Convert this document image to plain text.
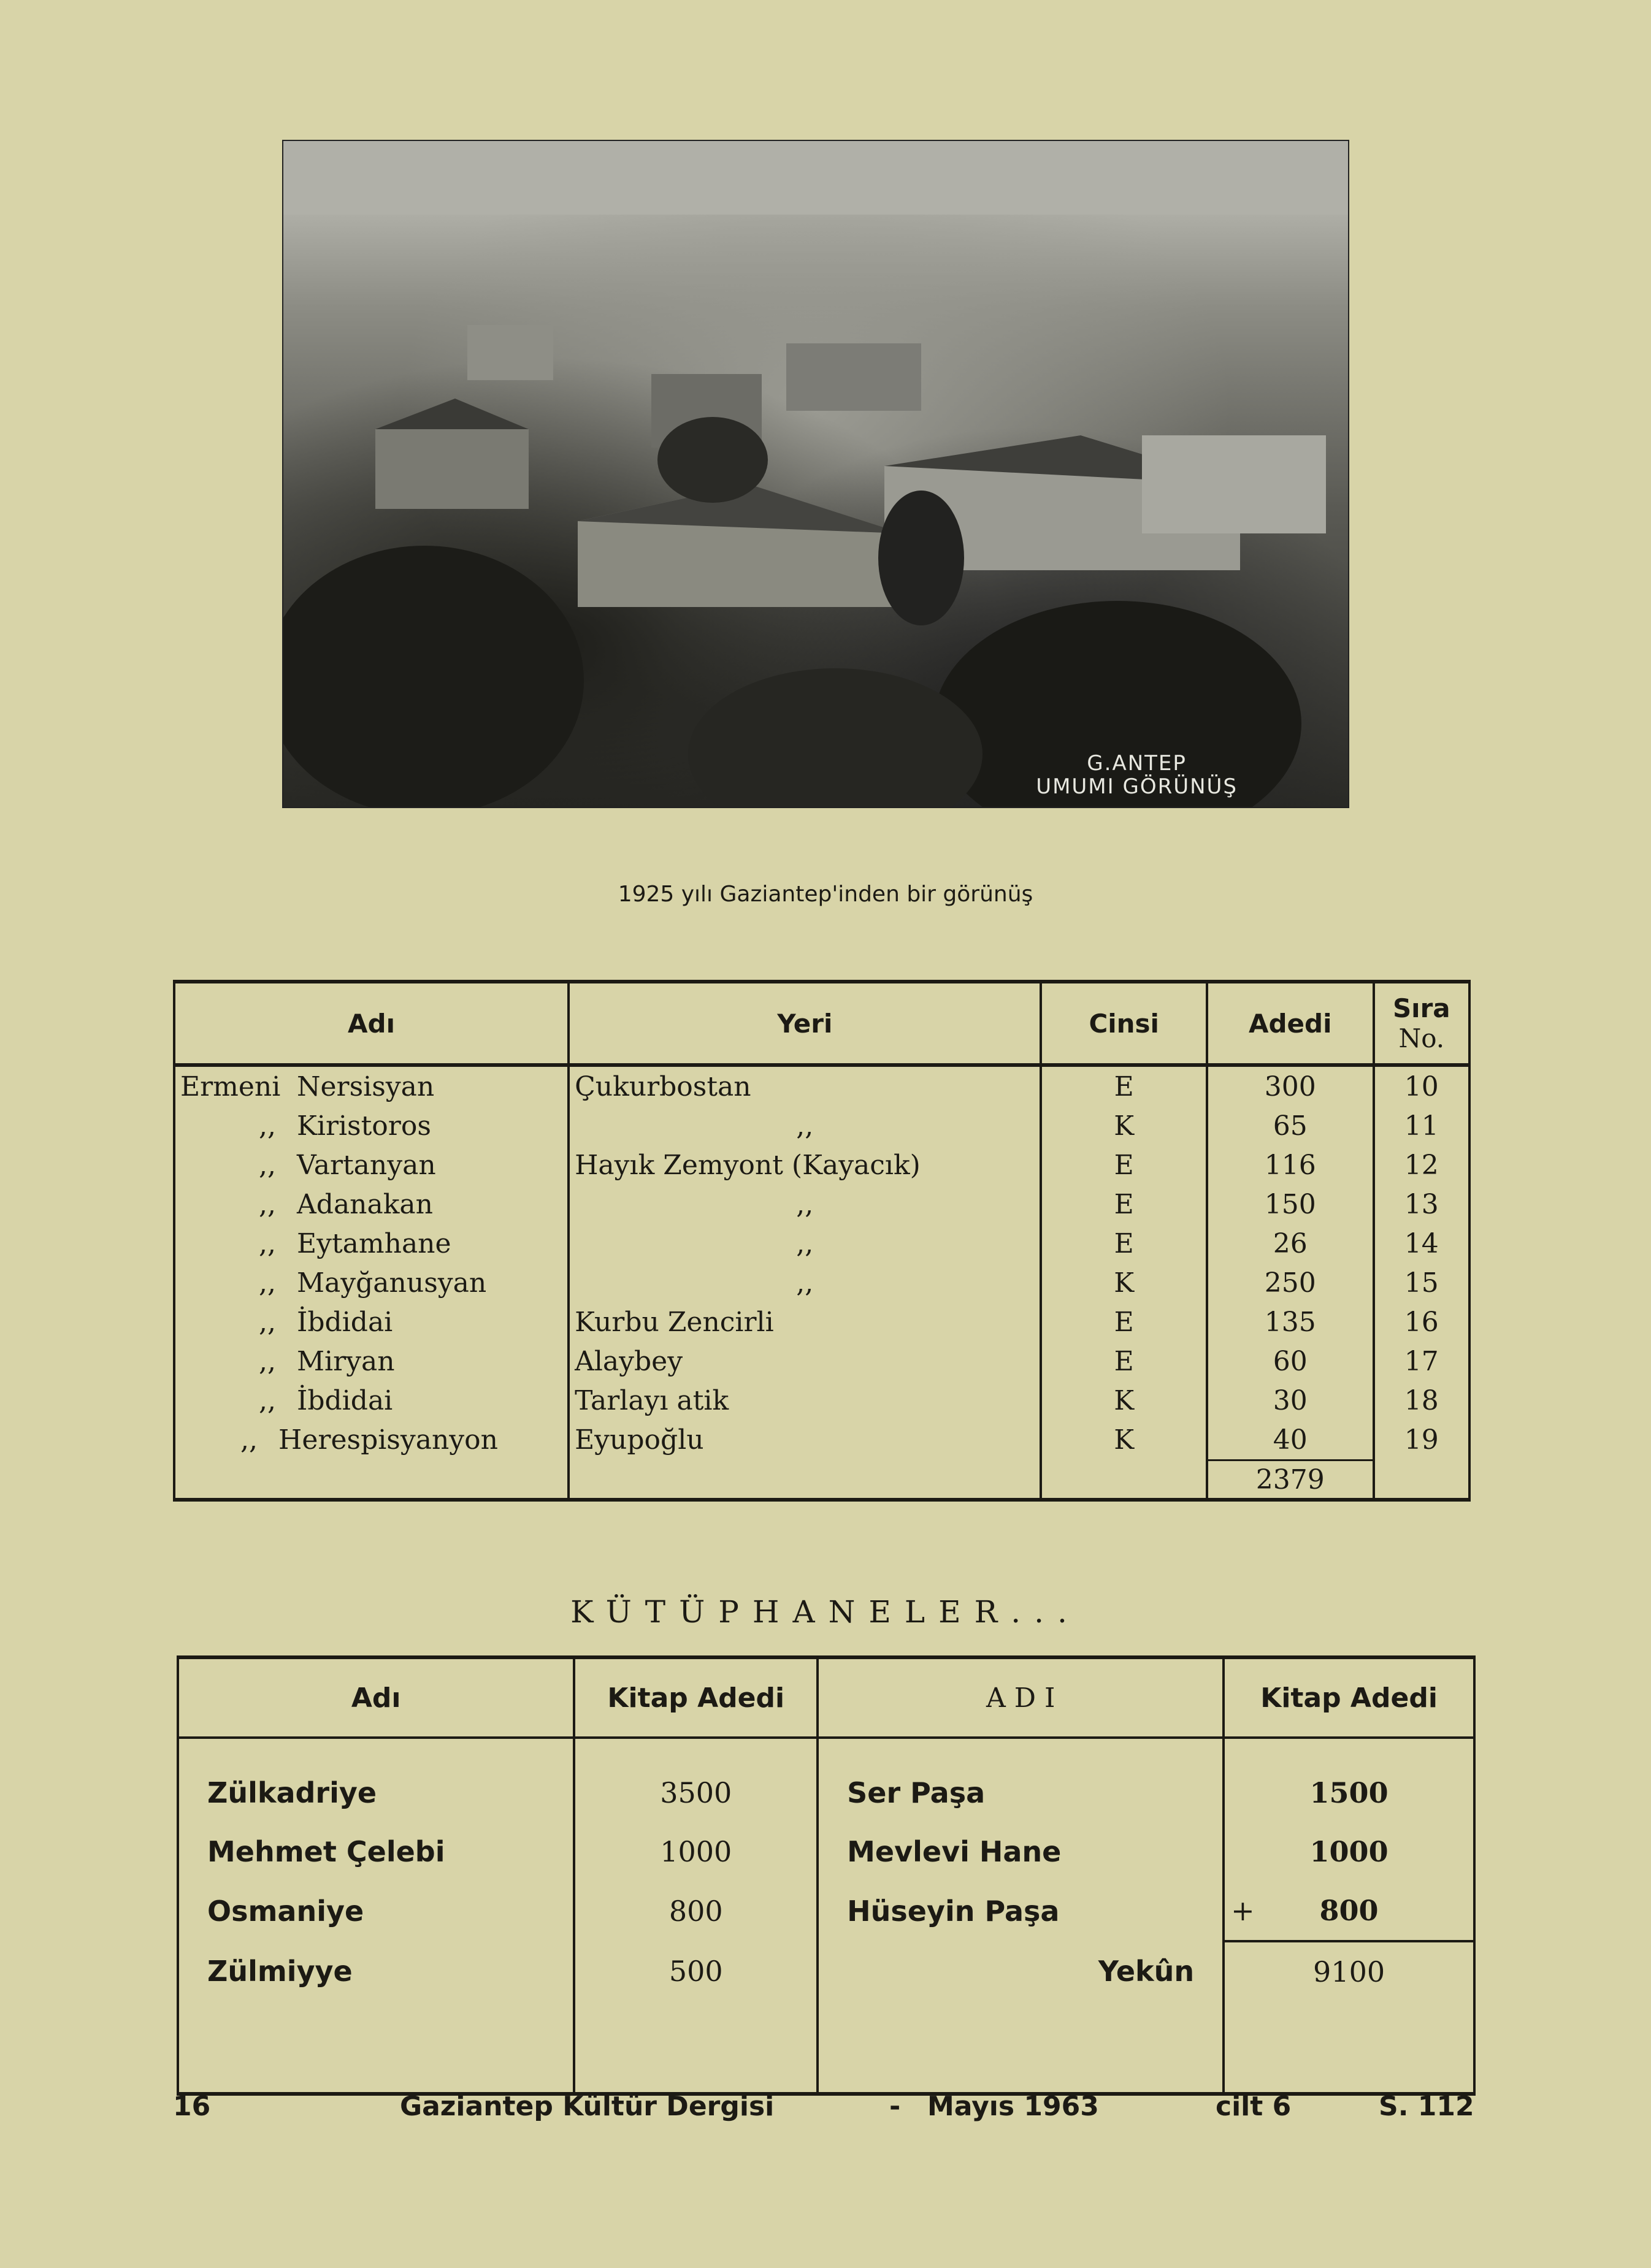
G.ANTEP
UMUMI GÖRÜNÜŞ
1925 yılı Gaziantep'inden bir görünüş
Adı	Yeri	Cinsi	Adedi	Sıra
No.

Ermeni Nersisyan	Çukurbostan	E	300	10
,, Kiristoros	,,	K	65	11
,, Vartanyan	Hayık Zemyont (Kayacık)	E	116	12
,, Adanakan	,,	E	150	13
,, Eytamhane	,,	E	26	14
,, Mayğanusyan	,,	K	250	15
,, İbdidai	Kurbu Zencirli	E	135	16
,, Miryan	Alaybey	E	60	17
,, İbdidai	Tarlayı atik	K	30	18
,, Herespisyanyon	Eyupoğlu	K	40	19
			2379	
KÜTÜPHANELER...
Adı	Kitap Adedi	A D I	Kitap Adedi
Zülkadriye	3500	Ser Paşa	1500
Mehmet Çelebi	1000	Mevlevi Hane	1000
Osmaniye	800	Hüseyin Paşa	+ 800
Zülmiyye	500	Yekûn	9100

16	Gaziantep Kültür Dergisi	- Mayıs 1963	cilt 6	S. 112
